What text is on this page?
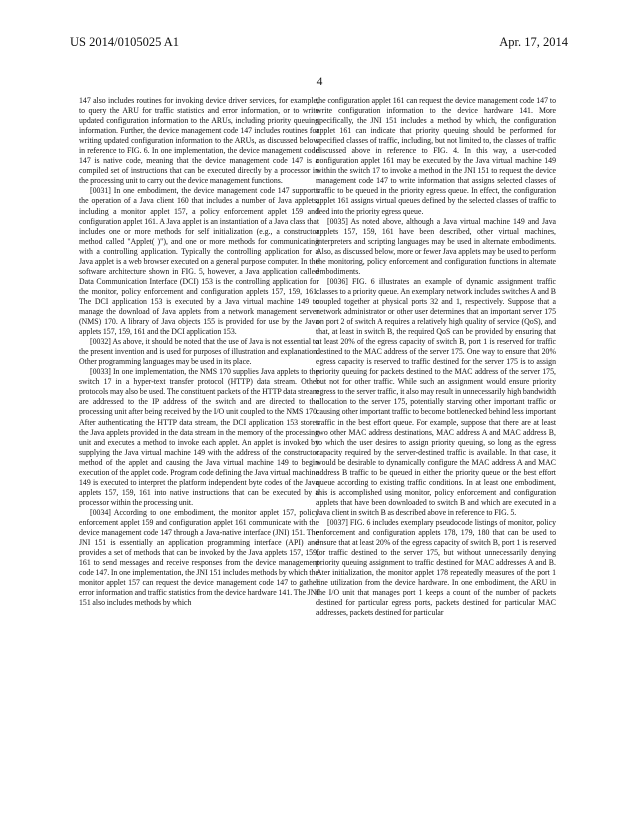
US 2014/0105025 A1	Apr. 17, 2014
4

147 also includes routines for invoking device driver services, for example, to query the ARU for traffic statistics and error information, or to write updated configuration information to the ARUs, including priority queuing information. Further, the device management code 147 includes routines for writing updated configuration information to the ARUs, as discussed below in reference to FIG. 6. In one implementation, the device management code 147 is native code, meaning that the device management code 147 is a compiled set of instructions that can be executed directly by a processor in the processing unit to carry out the device management functions.

[0031] In one embodiment, the device management code 147 supports the operation of a Java client 160 that includes a number of Java applets, including a monitor applet 157, a policy enforcement applet 159 and configuration applet 161. A Java applet is an instantiation of a Java class that includes one or more methods for self initialization (e.g., a constructor method called "Applet( )"), and one or more methods for communicating with a controlling application. Typically the controlling application for a Java applet is a web browser executed on a general purpose computer. In the software architecture shown in FIG. 5, however, a Java application called Data Communication Interface (DCI) 153 is the controlling application for the monitor, policy enforcement and configuration applets 157, 159, 161. The DCI application 153 is executed by a Java virtual machine 149 to manage the download of Java applets from a network management server (NMS) 170. A library of Java objects 155 is provided for use by the Java applets 157, 159, 161 and the DCI application 153.

[0032] As above, it should be noted that the use of Java is not essential to the present invention and is used for purposes of illustration and explanation. Other programming languages may be used in its place.

[0033] In one implementation, the NMS 170 supplies Java applets to the switch 17 in a hyper-text transfer protocol (HTTP) data stream. Other protocols may also be used. The constituent packets of the HTTP data stream are addressed to the IP address of the switch and are directed to the processing unit after being received by the I/O unit coupled to the NMS 170. After authenticating the HTTP data stream, the DCI application 153 stores the Java applets provided in the data stream in the memory of the processing unit and executes a method to invoke each applet. An applet is invoked by supplying the Java virtual machine 149 with the address of the constructor method of the applet and causing the Java virtual machine 149 to begin execution of the applet code. Program code defining the Java virtual machine 149 is executed to interpret the platform independent byte codes of the Java applets 157, 159, 161 into native instructions that can be executed by a processor within the processing unit.

[0034] According to one embodiment, the monitor applet 157, policy enforcement applet 159 and configuration applet 161 communicate with the device management code 147 through a Java-native interface (JNI) 151. The JNI 151 is essentially an application programming interface (API) and provides a set of methods that can be invoked by the Java applets 157, 159, 161 to send messages and receive responses from the device management code 147. In one implementation, the JNI 151 includes methods by which the monitor applet 157 can request the device management code 147 to gather error information and traffic statistics from the device hardware 141. The JNI 151 also includes methods by which

the configuration applet 161 can request the device management code 147 to write configuration information to the device hardware 141. More specifically, the JNI 151 includes a method by which, the configuration applet 161 can indicate that priority queuing should be performed for specified classes of traffic, including, but not limited to, the classes of traffic discussed above in reference to FIG. 4. In this way, a user-coded configuration applet 161 may be executed by the Java virtual machine 149 within the switch 17 to invoke a method in the JNI 151 to request the device management code 147 to write information that assigns selected classes of traffic to be queued in the priority egress queue. In effect, the configuration applet 161 assigns virtual queues defined by the selected classes of traffic to feed into the priority egress queue.

[0035] As noted above, although a Java virtual machine 149 and Java applets 157, 159, 161 have been described, other virtual machines, interpreters and scripting languages may be used in alternate embodiments. Also, as discussed below, more or fewer Java applets may be used to perform the monitoring, policy enforcement and configuration functions in alternate embodiments.

[0036] FIG. 6 illustrates an example of dynamic assignment traffic classes to a priority queue. An exemplary network includes switches A and B coupled together at physical ports 32 and 1, respectively. Suppose that a network administrator or other user determines that an important server 175 on port 2 of switch A requires a relatively high quality of service (QoS), and that, at least in switch B, the required QoS can be provided by ensuring that at least 20% of the egress capacity of switch B, port 1 is reserved for traffic destined to the MAC address of the server 175. One way to ensure that 20% egress capacity is reserved to traffic destined for the server 175 is to assign priority queuing for packets destined to the MAC address of the server 175, but not for other traffic. While such an assignment would ensure priority egress to the server traffic, it also may result in unnecessarily high bandwidth allocation to the server 175, potentially starving other important traffic or causing other important traffic to become bottlenecked behind less important traffic in the best effort queue. For example, suppose that there are at least two other MAC address destinations, MAC address A and MAC address B, to which the user desires to assign priority queuing, so long as the egress capacity required by the server-destined traffic is available. In that case, it would be desirable to dynamically configure the MAC address A and MAC address B traffic to be queued in either the priority queue or the best effort queue according to existing traffic conditions. In at least one embodiment, this is accomplished using monitor, policy enforcement and configuration applets that have been downloaded to switch B and which are executed in a Java client in switch B as described above in reference to FIG. 5.

[0037] FIG. 6 includes exemplary pseudocode listings of monitor, policy enforcement and configuration applets 178, 179, 180 that can be used to ensure that at least 20% of the egress capacity of switch B, port 1 is reserved for traffic destined to the server 175, but without unnecessarily denying priority queuing assignment to traffic destined for MAC addresses A and B. Ater initialization, the monitor applet 178 repeatedly measures of the port 1 line utilization from the device hardware. In one embodiment, the ARU in the I/O unit that manages port 1 keeps a count of the number of packets destined for particular egress ports, packets destined for particular MAC addresses, packets destined for particular
